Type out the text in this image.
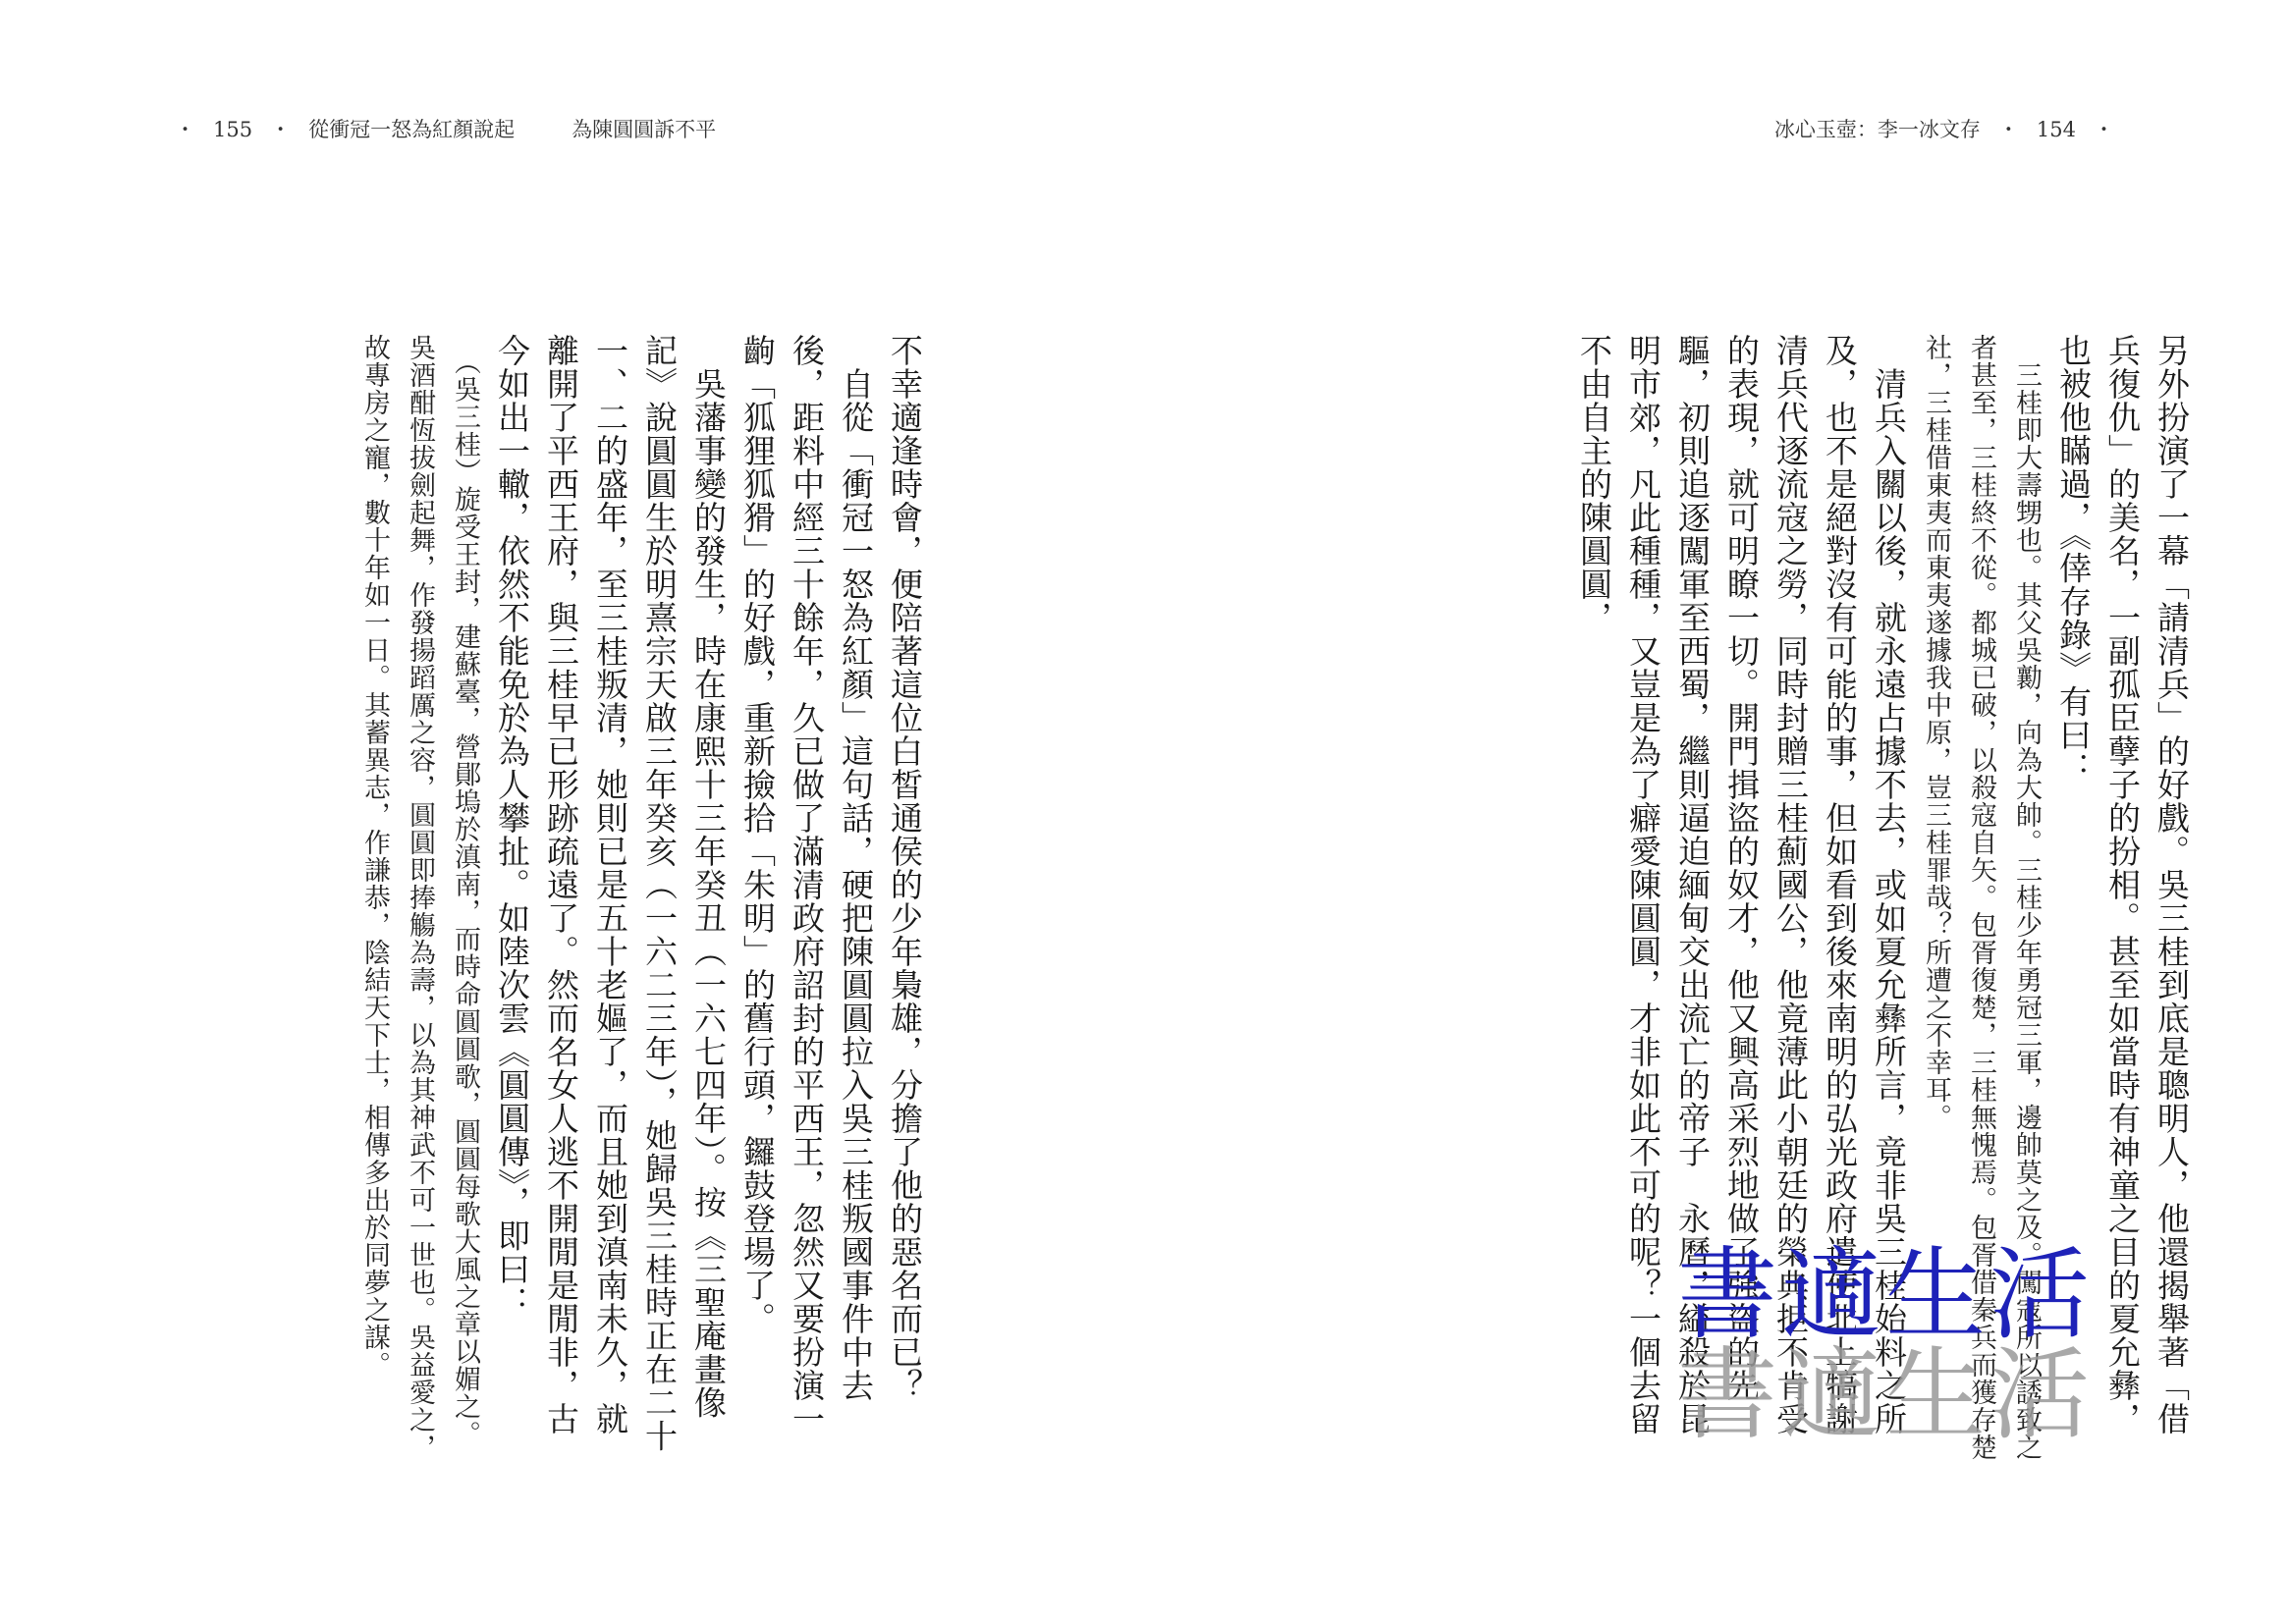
・ 155 ・ 從衝冠一怒為紅顏說起	為陳圓圓訴不平	冰心玉壺：李一冰文存 ・ 154 ・

另外扮演了一幕「請清兵」的好戲。吳三桂到底是聰明人，他還揭舉著「借兵復仇」的美名，一副孤臣孽子的扮相。甚至如當時有神童之目的夏允彝，也被他瞞過，《倖存錄》有曰：

　三桂即大壽甥也。其父吳勷，向為大帥。三桂少年勇冠三軍，邊帥莫之及。闖寇所以誘致之者甚至，三桂終不從。都城已破，以殺寇自矢。包胥復楚，三桂無愧焉。包胥借秦兵而獲存楚社，三桂借東夷而東夷遂據我中原，豈三桂罪哉？所遭之不幸耳。

　清兵入關以後，就永遠占據不去，或如夏允彝所言，竟非吳三桂始料之所及，也不是絕對沒有可能的事，但如看到後來南明的弘光政府遣使北上犒謝清兵代逐流寇之勞，同時封贈三桂薊國公，他竟薄此小朝廷的榮典拒不肯受的表現，就可明瞭一切。開門揖盜的奴才，他又興高采烈地做了強盜的先驅，初則追逐闖軍至西蜀，繼則逼迫緬甸交出流亡的帝子　永曆，縊殺於昆明市郊，凡此種種，又豈是為了癖愛陳圓圓，才非如此不可的呢？一個去留不由自主的陳圓圓，

不幸適逢時會，便陪著這位白皙通侯的少年梟雄，分擔了他的惡名而已？

　自從「衝冠一怒為紅顏」這句話，硬把陳圓圓拉入吳三桂叛國事件中去後，距料中經三十餘年，久已做了滿清政府詔封的平西王，忽然又要扮演一齣「狐狸狐猾」的好戲，重新撿拾「朱明」的舊行頭，鑼鼓登場了。

　吳藩事變的發生，時在康熙十三年癸丑（一六七四年）。按《三聖庵畫像記》說圓圓生於明熹宗天啟三年癸亥（一六二三年），她歸吳三桂時正在二十一、二的盛年，至三桂叛清，她則已是五十老嫗了，而且她到滇南未久，就離開了平西王府，與三桂早已形跡疏遠了。然而名女人逃不開閒是閒非，古今如出一轍，依然不能免於為人攀扯。如陸次雲《圓圓傳》，即曰：

　（吳三桂）旋受王封，建蘇臺，營鄖塢於滇南，而時命圓圓歌，圓圓每歌大風之章以媚之。吳酒酣恆拔劍起舞，作發揚蹈厲之容，圓圓即捧觴為壽，以為其神武不可一世也。吳益愛之，故專房之寵，數十年如一日。其蓄異志，作謙恭，陰結天下士，相傳多出於同夢之謀。

書適生活
書適生活
